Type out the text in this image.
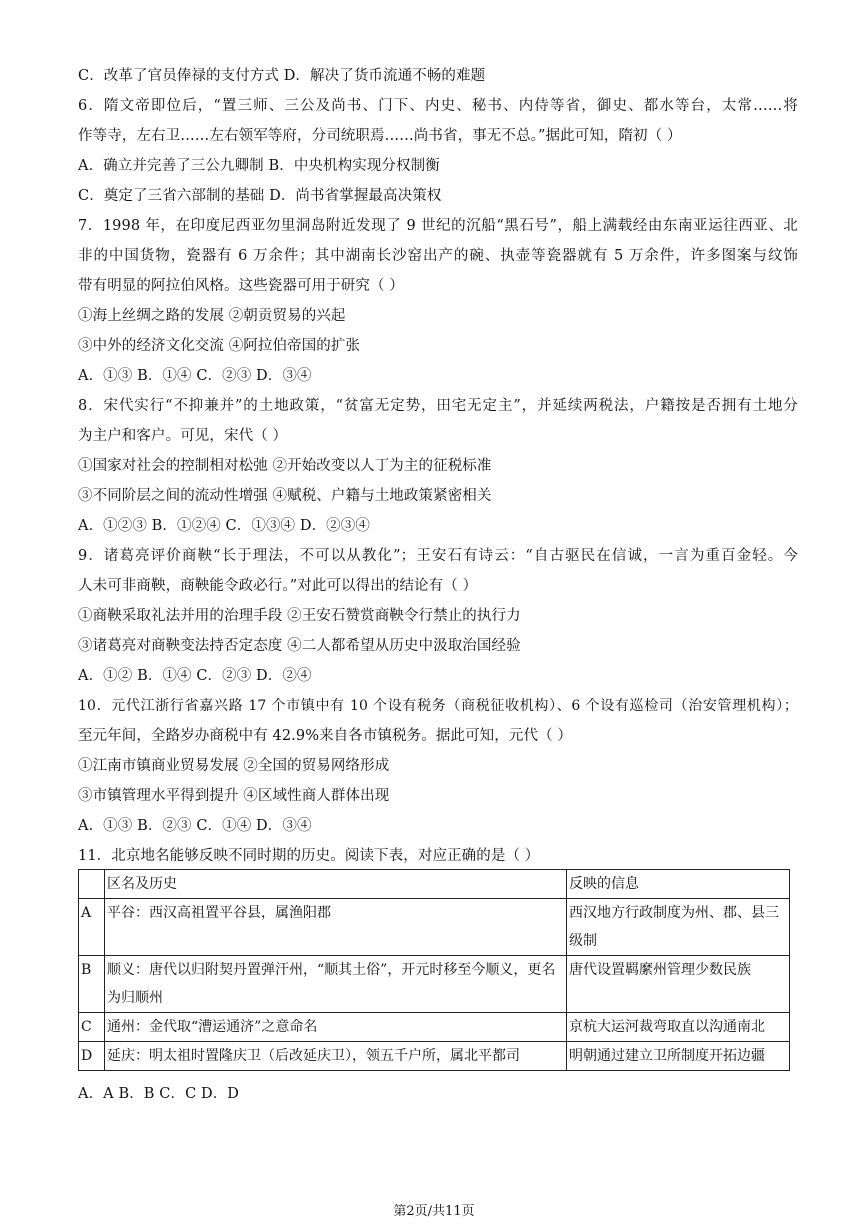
C．改革了官员俸禄的支付方式 D．解决了货币流通不畅的难题
6．隋文帝即位后，“置三师、三公及尚书、门下、内史、秘书、内侍等省，御史、都水等台，太常……将
作等寺，左右卫……左右领军等府，分司统职焉……尚书省，事无不总。”据此可知，隋初（ ）
A．确立并完善了三公九卿制 B．中央机构实现分权制衡
C．奠定了三省六部制的基础 D．尚书省掌握最高决策权
7．1998 年，在印度尼西亚勿里洞岛附近发现了 9 世纪的沉船“黑石号”，船上满载经由东南亚运往西亚、北
非的中国货物，瓷器有 6 万余件；其中湖南长沙窑出产的碗、执壶等瓷器就有 5 万余件，许多图案与纹饰
带有明显的阿拉伯风格。这些瓷器可用于研究（ ）
①海上丝绸之路的发展 ②朝贡贸易的兴起
③中外的经济文化交流 ④阿拉伯帝国的扩张
A．①③ B．①④ C．②③ D．③④
8．宋代实行“不抑兼并”的土地政策，“贫富无定势，田宅无定主”，并延续两税法，户籍按是否拥有土地分
为主户和客户。可见，宋代（ ）
①国家对社会的控制相对松弛 ②开始改变以人丁为主的征税标准
③不同阶层之间的流动性增强 ④赋税、户籍与土地政策紧密相关
A．①②③ B．①②④ C．①③④ D．②③④
9．诸葛亮评价商鞅“长于理法，不可以从教化”；王安石有诗云：“自古驱民在信诚，一言为重百金轻。今
人未可非商鞅，商鞅能令政必行。”对此可以得出的结论有（ ）
①商鞅采取礼法并用的治理手段 ②王安石赞赏商鞅令行禁止的执行力
③诸葛亮对商鞅变法持否定态度 ④二人都希望从历史中汲取治国经验
A．①② B．①④ C．②③ D．②④
10．元代江浙行省嘉兴路 17 个市镇中有 10 个设有税务（商税征收机构）、6 个设有巡检司（治安管理机构）；
至元年间，全路岁办商税中有 42.9%来自各市镇税务。据此可知，元代（ ）
①江南市镇商业贸易发展 ②全国的贸易网络形成
③市镇管理水平得到提升 ④区域性商人群体出现
A．①③ B．②③ C．①④ D．③④
11．北京地名能够反映不同时期的历史。阅读下表，对应正确的是（ ）
	区名及历史	反映的信息
A	平谷：西汉高祖置平谷县，属渔阳郡	西汉地方行政制度为州、郡、县三级制
B	顺义：唐代以归附契丹置弹汗州，“顺其土俗”，开元时移至今顺义，更名为归顺州	唐代设置羁縻州管理少数民族
C	通州：金代取“漕运通济”之意命名	京杭大运河裁弯取直以沟通南北
D	延庆：明太祖时置隆庆卫（后改延庆卫），领五千户所，属北平都司	明朝通过建立卫所制度开拓边疆
A．A B．B C．C D．D
第2页/共11页
